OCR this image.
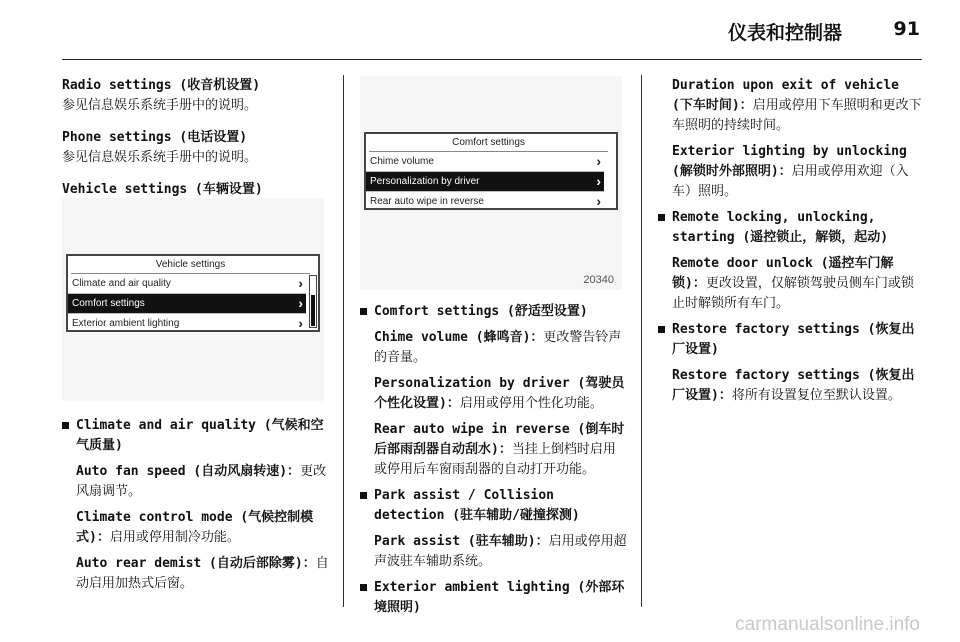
仪表和控制器	91

Radio settings (收音机设置)

参见信息娱乐系统手册中的说明。

Phone settings (电话设置)

参见信息娱乐系统手册中的说明。

Vehicle settings (车辆设置)

Vehicle settings
Climate and air quality	›
Comfort settings	›
Exterior ambient lighting	›

Climate and air quality (气候和空气质量)

Auto fan speed (自动风扇转速)：更改风扇调节。

Climate control mode (气候控制模式)：启用或停用制冷功能。

Auto rear demist (自动后部除雾)：自动启用加热式后窗。

Comfort settings
Chime volume	›
Personalization by driver	›
Rear auto wipe in reverse	›
20340

Comfort settings (舒适型设置)

Chime volume (蜂鸣音)：更改警告铃声的音量。

Personalization by driver (驾驶员个性化设置)：启用或停用个性化功能。

Rear auto wipe in reverse (倒车时后部雨刮器自动刮水)：当挂上倒档时启用或停用后车窗雨刮器的自动打开功能。

Park assist / Collision detection (驻车辅助/碰撞探测)

Park assist (驻车辅助)：启用或停用超声波驻车辅助系统。

Exterior ambient lighting (外部环境照明)

Duration upon exit of vehicle (下车时间)：启用或停用下车照明和更改下车照明的持续时间。

Exterior lighting by unlocking (解锁时外部照明)：启用或停用欢迎（入车）照明。

Remote locking, unlocking, starting (遥控锁止，解锁，起动)

Remote door unlock (遥控车门解锁)：更改设置，仅解锁驾驶员侧车门或锁止时解锁所有车门。

Restore factory settings (恢复出厂设置)

Restore factory settings (恢复出厂设置)：将所有设置复位至默认设置。

carmanualsonline.info
